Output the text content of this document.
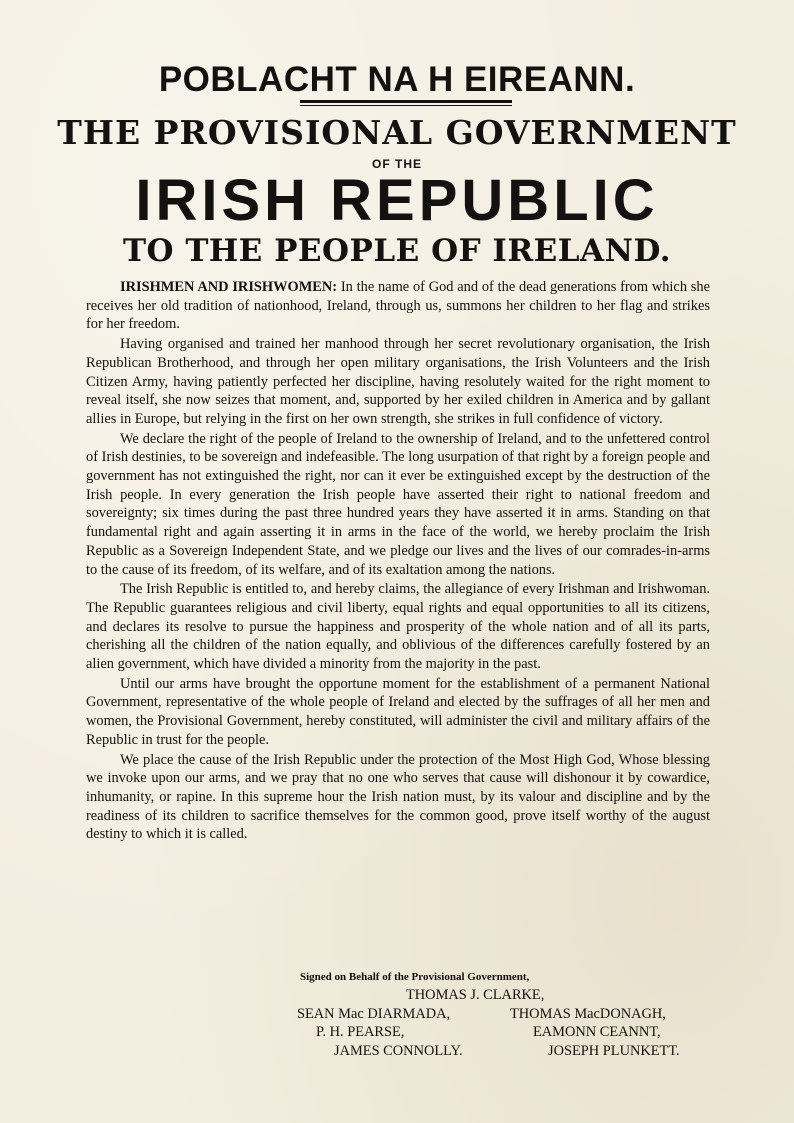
POBLACHT NA H EIREANN.
THE PROVISIONAL GOVERNMENT
OF THE
IRISH REPUBLIC
TO THE PEOPLE OF IRELAND.

IRISHMEN AND IRISHWOMEN: In the name of God and of the dead generations from which she receives her old tradition of nationhood, Ireland, through us, summons her children to her flag and strikes for her freedom.

Having organised and trained her manhood through her secret revolutionary organisation, the Irish Republican Brotherhood, and through her open military organisations, the Irish Volunteers and the Irish Citizen Army, having patiently perfected her discipline, having resolutely waited for the right moment to reveal itself, she now seizes that moment, and, supported by her exiled children in America and by gallant allies in Europe, but relying in the first on her own strength, she strikes in full confidence of victory.

We declare the right of the people of Ireland to the ownership of Ireland, and to the unfettered control of Irish destinies, to be sovereign and indefeasible. The long usurpation of that right by a foreign people and government has not extinguished the right, nor can it ever be extinguished except by the destruction of the Irish people. In every generation the Irish people have asserted their right to national freedom and sovereignty; six times during the past three hundred years they have asserted it in arms. Standing on that fundamental right and again asserting it in arms in the face of the world, we hereby proclaim the Irish Republic as a Sovereign Independent State, and we pledge our lives and the lives of our comrades-in-arms to the cause of its freedom, of its welfare, and of its exaltation among the nations.

The Irish Republic is entitled to, and hereby claims, the allegiance of every Irishman and Irishwoman. The Republic guarantees religious and civil liberty, equal rights and equal opportunities to all its citizens, and declares its resolve to pursue the happiness and prosperity of the whole nation and of all its parts, cherishing all the children of the nation equally, and oblivious of the differences carefully fostered by an alien government, which have divided a minority from the majority in the past.

Until our arms have brought the opportune moment for the establishment of a permanent National Government, representative of the whole people of Ireland and elected by the suffrages of all her men and women, the Provisional Government, hereby constituted, will administer the civil and military affairs of the Republic in trust for the people.

We place the cause of the Irish Republic under the protection of the Most High God, Whose blessing we invoke upon our arms, and we pray that no one who serves that cause will dishonour it by cowardice, inhumanity, or rapine. In this supreme hour the Irish nation must, by its valour and discipline and by the readiness of its children to sacrifice themselves for the common good, prove itself worthy of the august destiny to which it is called.

Signed on Behalf of the Provisional Government,
THOMAS J. CLARKE,
SEAN Mac DIARMADA,	THOMAS MacDONAGH,
P. H. PEARSE,	EAMONN CEANNT,
JAMES CONNOLLY.	JOSEPH PLUNKETT.
